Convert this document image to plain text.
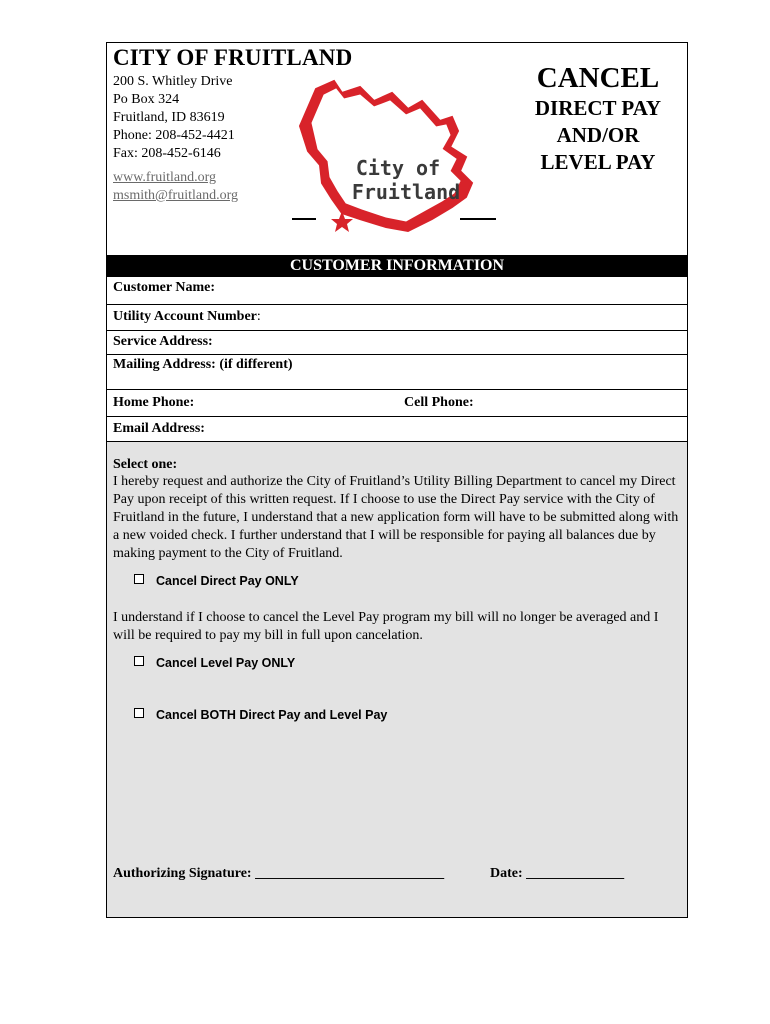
CITY OF FRUITLAND
200 S. Whitley Drive
Po Box 324
Fruitland, ID 83619
Phone: 208-452-4421
Fax: 208-452-6146
www.fruitland.org
msmith@fruitland.org
City of
Fruitland
CANCEL
DIRECT PAY
AND/OR
LEVEL PAY
CUSTOMER INFORMATION
Customer Name:
Utility Account Number:
Service Address:
Mailing Address: (if different)
Home Phone:	Cell Phone:
Email Address:
Select one:
I hereby request and authorize the City of Fruitland’s Utility Billing Department to cancel my Direct Pay upon receipt of this written request. If I choose to use the Direct Pay service with the City of Fruitland in the future, I understand that a new application form will have to be submitted along with a new voided check. I further understand that I will be responsible for paying all balances due by making payment to the City of Fruitland.
Cancel Direct Pay ONLY
I understand if I choose to cancel the Level Pay program my bill will no longer be averaged and I will be required to pay my bill in full upon cancelation.
Cancel Level Pay ONLY
Cancel BOTH Direct Pay and Level Pay
Authorizing Signature: ___________________________	Date: ______________
